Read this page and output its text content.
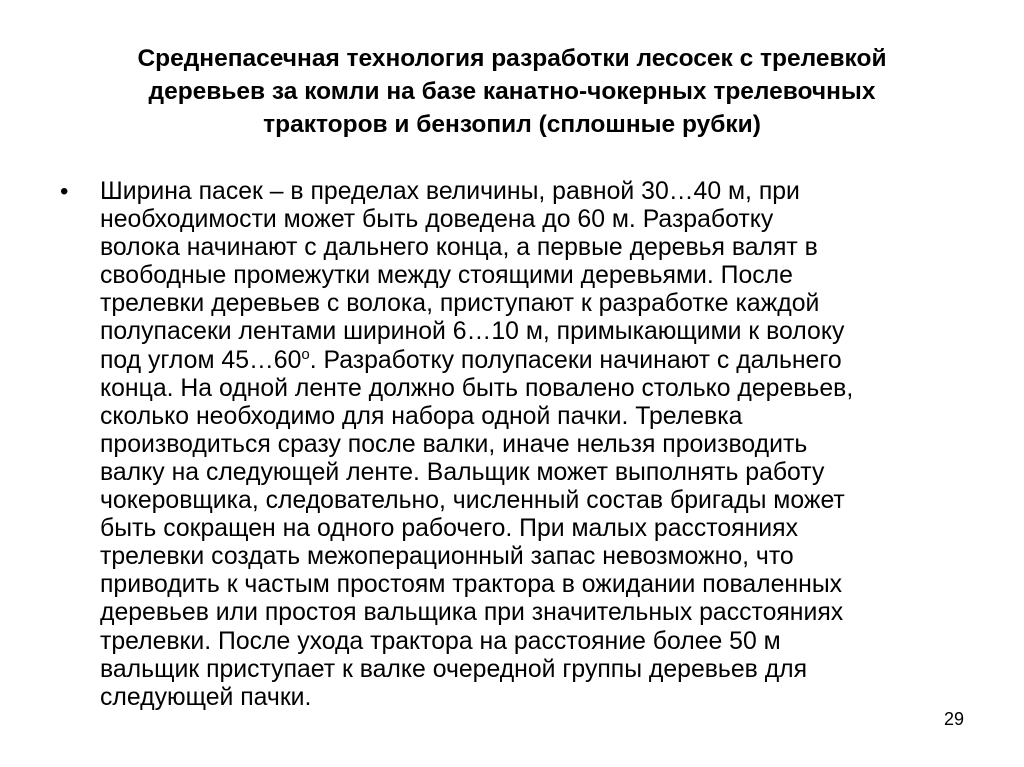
Среднепасечная технология разработки лесосек с трелевкой
деревьев за комли на базе канатно-чокерных трелевочных
тракторов и бензопил (сплошные рубки)
• Ширина пасек – в пределах величины, равной 30…40 м, при
необходимости может быть доведена до 60 м. Разработку
волока начинают с дальнего конца, а первые деревья валят в
свободные промежутки между стоящими деревьями. После
трелевки деревьев с волока, приступают к разработке каждой
полупасеки лентами шириной 6…10 м, примыкающими к волоку
под углом $45\dots 60^о$. Разработку полупасеки начинают с дальнего
конца. На одной ленте должно быть повалено столько деревьев,
сколько необходимо для набора одной пачки. Трелевка
производиться сразу после валки, иначе нельзя производить
валку на следующей ленте. Вальщик может выполнять работу
чокеровщика, следовательно, численный состав бригады может
быть сокращен на одного рабочего. При малых расстояниях
трелевки создать межоперационный запас невозможно, что
приводить к частым простоям трактора в ожидании поваленных
деревьев или простоя вальщика при значительных расстояниях
трелевки. После ухода трактора на расстояние более 50 м
вальщик приступает к валке очередной группы деревьев для
следующей пачки.

29
